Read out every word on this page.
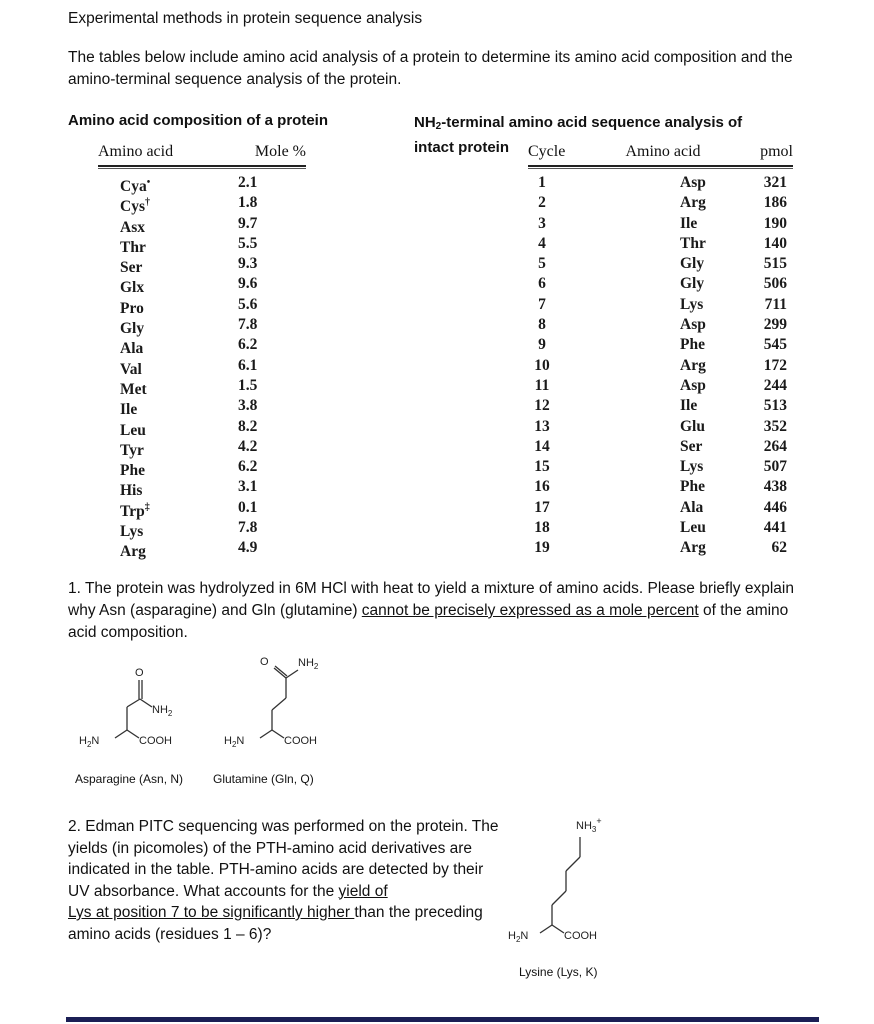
Experimental methods in protein sequence analysis
The tables below include amino acid analysis of a protein to determine its amino acid composition and the amino-terminal sequence analysis of the protein.
Amino acid composition of a protein	$NH_2$-terminal amino acid sequence analysis of intact protein
Amino acid	Mole %
Cya•	2.1
Cys†	1.8
Asx	9.7
Thr	5.5
Ser	9.3
Glx	9.6
Pro	5.6
Gly	7.8
Ala	6.2
Val	6.1
Met	1.5
Ile	3.8
Leu	8.2
Tyr	4.2
Phe	6.2
His	3.1
Trp‡	0.1
Lys	7.8
Arg	4.9
Cycle	Amino acid	pmol
1	Asp	321
2	Arg	186
3	Ile	190
4	Thr	140
5	Gly	515
6	Gly	506
7	Lys	711
8	Asp	299
9	Phe	545
10	Arg	172
11	Asp	244
12	Ile	513
13	Glu	352
14	Ser	264
15	Lys	507
16	Phe	438
17	Ala	446
18	Leu	441
19	Arg	62
1. The protein was hydrolyzed in 6M HCl with heat to yield a mixture of amino acids. Please briefly explain why Asn (asparagine) and Gln (glutamine) cannot be precisely expressed as a mole percent of the amino acid composition.
O
$NH_2$
$H_2N$	COOH
Asparagine (Asn, N)
O	$NH_2$
$H_2N$	COOH
Glutamine (Gln, Q)
2. Edman PITC sequencing was performed on the protein. The yields (in picomoles) of the PTH-amino acid derivatives are indicated in the table. PTH-amino acids are detected by their UV absorbance. What accounts for the yield of
Lys at position 7 to be significantly higher than the preceding amino acids (residues 1 – 6)?
$NH_3^+$
$H_2N$	COOH
Lysine (Lys, K)
